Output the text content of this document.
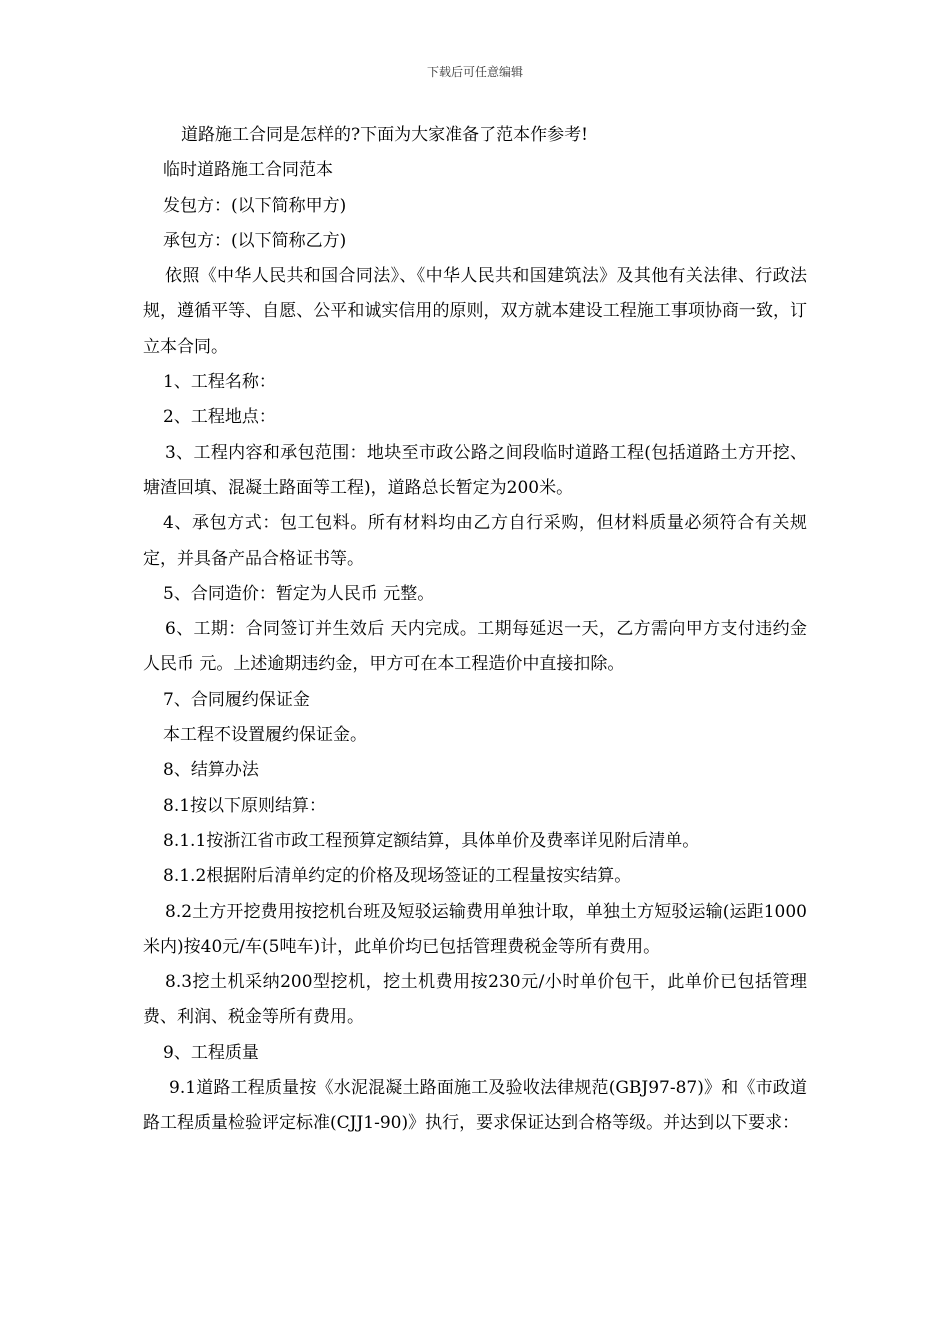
下载后可任意编辑

道路施工合同是怎样的?下面为大家准备了范本作参考!

临时道路施工合同范本

发包方：(以下简称甲方)

承包方：(以下简称乙方)

依照《中华人民共和国合同法》、《中华人民共和国建筑法》及其他有关法律、行政法规，遵循平等、自愿、公平和诚实信用的原则，双方就本建设工程施工事项协商一致，订立本合同。

1、工程名称：

2、工程地点：

3、工程内容和承包范围：地块至市政公路之间段临时道路工程(包括道路土方开挖、塘渣回填、混凝土路面等工程)，道路总长暂定为200米。

4、承包方式：包工包料。所有材料均由乙方自行采购，但材料质量必须符合有关规定，并具备产品合格证书等。

5、合同造价：暂定为人民币 元整。

6、工期：合同签订并生效后 天内完成。工期每延迟一天，乙方需向甲方支付违约金人民币 元。上述逾期违约金，甲方可在本工程造价中直接扣除。

7、合同履约保证金

本工程不设置履约保证金。

8、结算办法

8.1按以下原则结算：

8.1.1按浙江省市政工程预算定额结算，具体单价及费率详见附后清单。

8.1.2根据附后清单约定的价格及现场签证的工程量按实结算。

8.2土方开挖费用按挖机台班及短驳运输费用单独计取，单独土方短驳运输(运距1000米内)按40元/车(5吨车)计，此单价均已包括管理费税金等所有费用。

8.3挖土机采纳200型挖机，挖土机费用按230元/小时单价包干，此单价已包括管理费、利润、税金等所有费用。

9、工程质量

9.1道路工程质量按《水泥混凝土路面施工及验收法律规范(GBJ97-87)》和《市政道路工程质量检验评定标准(CJJ1-90)》执行，要求保证达到合格等级。并达到以下要求：
